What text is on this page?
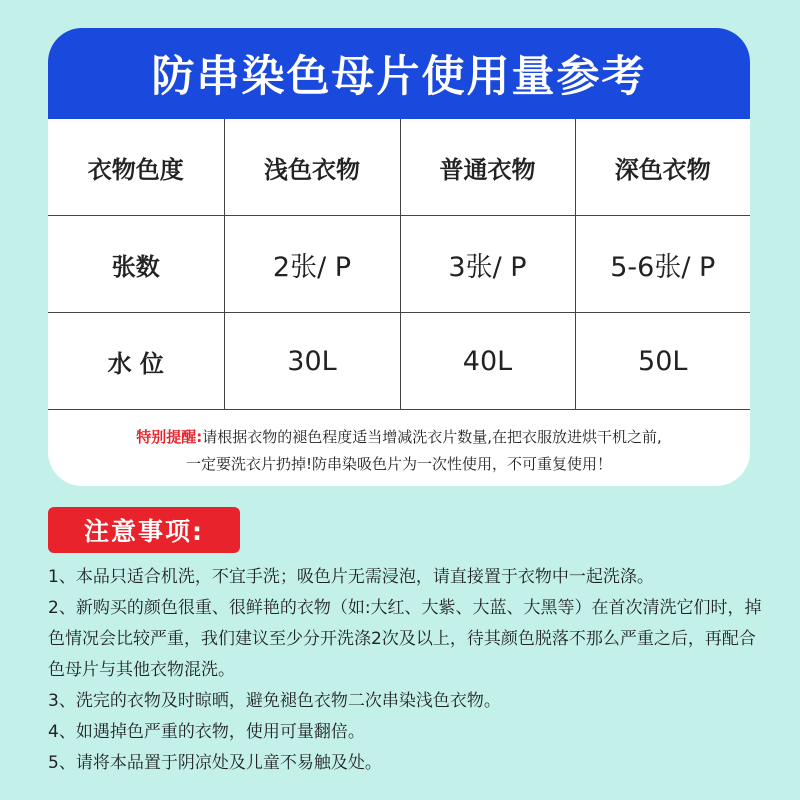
防串染色母片使用量参考
衣物色度	浅色衣物	普通衣物	深色衣物
张数	2张/ P	3张/ P	5-6张/ P
水 位	30L	40L	50L
特别提醒:请根据衣物的褪色程度适当增减洗衣片数量,在把衣服放进烘干机之前,
一定要洗衣片扔掉!防串染吸色片为一次性使用，不可重复使用！
注意事项:

1、本品只适合机洗，不宜手洗；吸色片无需浸泡，请直接置于衣物中一起洗涤。

2、新购买的颜色很重、很鲜艳的衣物（如:大红、大紫、大蓝、大黑等）在首次清洗它们时，掉色情况会比较严重，我们建议至少分开洗涤2次及以上，待其颜色脱落不那么严重之后，再配合色母片与其他衣物混洗。

3、洗完的衣物及时晾晒，避免褪色衣物二次串染浅色衣物。

4、如遇掉色严重的衣物，使用可量翻倍。

5、请将本品置于阴凉处及儿童不易触及处。
